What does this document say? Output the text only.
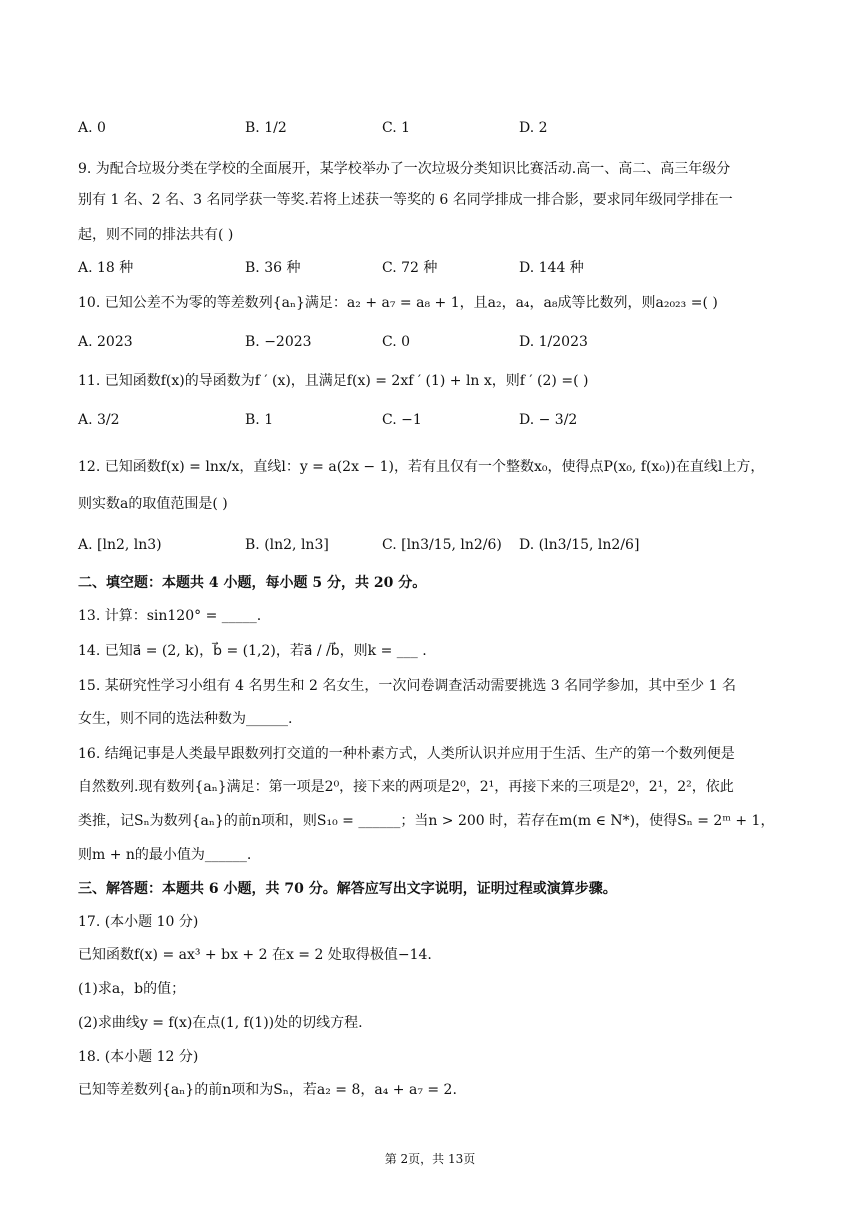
A. 0	B. 1/2	C. 1	D. 2
9. 为配合垃圾分类在学校的全面展开，某学校举办了一次垃圾分类知识比赛活动.高一、高二、高三年级分
别有 1 名、2 名、3 名同学获一等奖.若将上述获一等奖的 6 名同学排成一排合影，要求同年级同学排在一
起，则不同的排法共有( )
A. 18 种	B. 36 种	C. 72 种	D. 144 种
10. 已知公差不为零的等差数列{aₙ}满足：a₂ + a₇ = a₈ + 1，且a₂，a₄，a₈成等比数列，则a₂₀₂₃ =( )
A. 2023	B. −2023	C. 0	D. 1/2023
11. 已知函数f(x)的导函数为f ′ (x)，且满足f(x) = 2xf ′ (1) + ln x，则f ′ (2) =( )
A. 3/2	B. 1	C. −1	D. − 3/2
12. 已知函数f(x) = lnx/x，直线l：y = a(2x − 1)，若有且仅有一个整数x₀，使得点P(x₀, f(x₀))在直线l上方，
则实数a的取值范围是( )
A. [ln2, ln3)	B. (ln2, ln3]	C. [ln3/15, ln2/6) D. (ln3/15, ln2/6]
二、填空题：本题共 4 小题，每小题 5 分，共 20 分。
13. 计算：sin120° = _____.
14. 已知a⃗ = (2, k)，b⃗ = (1,2)，若a⃗ / /b⃗，则k = ___ .
15. 某研究性学习小组有 4 名男生和 2 名女生，一次问卷调查活动需要挑选 3 名同学参加，其中至少 1 名
女生，则不同的选法种数为______.
16. 结绳记事是人类最早跟数列打交道的一种朴素方式，人类所认识并应用于生活、生产的第一个数列便是
自然数列.现有数列{aₙ}满足：第一项是2⁰，接下来的两项是2⁰，2¹，再接下来的三项是2⁰，2¹，2²，依此
类推，记Sₙ为数列{aₙ}的前n项和，则S₁₀ = ______；当n > 200 时，若存在m(m ∈ N*)，使得Sₙ = 2ᵐ + 1，
则m + n的最小值为______.
三、解答题：本题共 6 小题，共 70 分。解答应写出文字说明，证明过程或演算步骤。
17. (本小题 10 分)
已知函数f(x) = ax³ + bx + 2 在x = 2 处取得极值−14.
(1)求a，b的值；
(2)求曲线y = f(x)在点(1, f(1))处的切线方程.
18. (本小题 12 分)
已知等差数列{aₙ}的前n项和为Sₙ，若a₂ = 8，a₄ + a₇ = 2.
第 2页，共 13页
